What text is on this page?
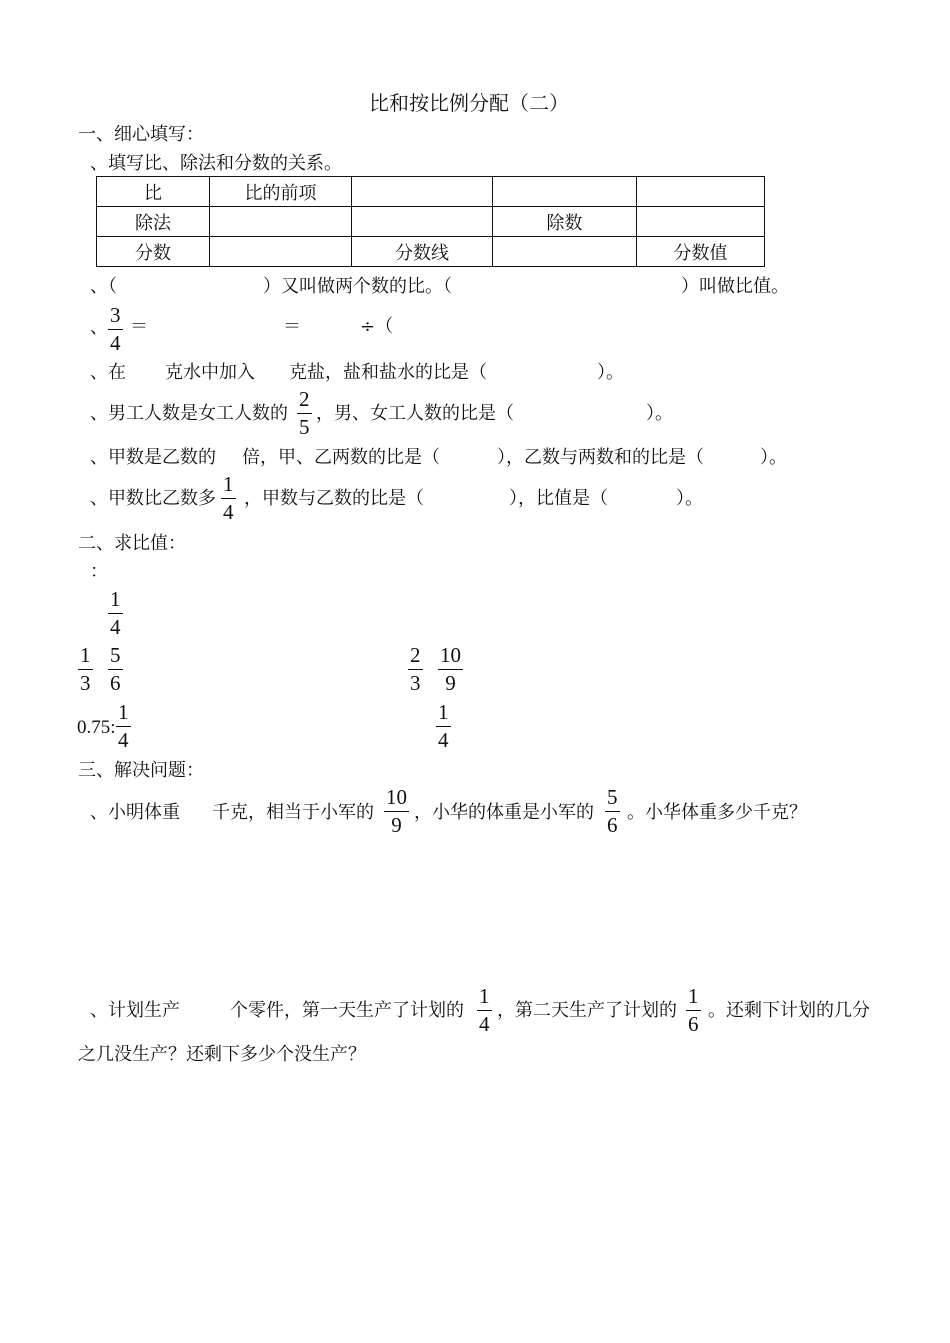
比和按比例分配（二）
一、细心填写：
、填写比、除法和分数的关系。
比	比的前项			
除法			除数	
分数		分数线		分数值
、（	）又叫做两个数的比。（	）叫做比值。
、
3
4
＝	＝	÷（
、在 克水中加入 克盐，盐和盐水的比是（	）。
、男工人数是女工人数的
2
5
，男、女工人数的比是（	）。
、甲数是乙数的 倍，甲、乙两数的比是（	），乙数与两数和的比是（	）。
、甲数比乙数多
1
4
，甲数与乙数的比是（	），比值是（	）。
二、求比值：
：
1
4
1
3
5
6
2
3
10
9
0.75:
1
4
1
4
三、解决问题：
、小明体重 千克，相当于小军的
10
9
，小华的体重是小军的
5
6
。小华体重多少千克？
、计划生产	个零件，第一天生产了计划的
1
4
，第二天生产了计划的
1
6
。还剩下计划的几分
之几没生产？还剩下多少个没生产？
